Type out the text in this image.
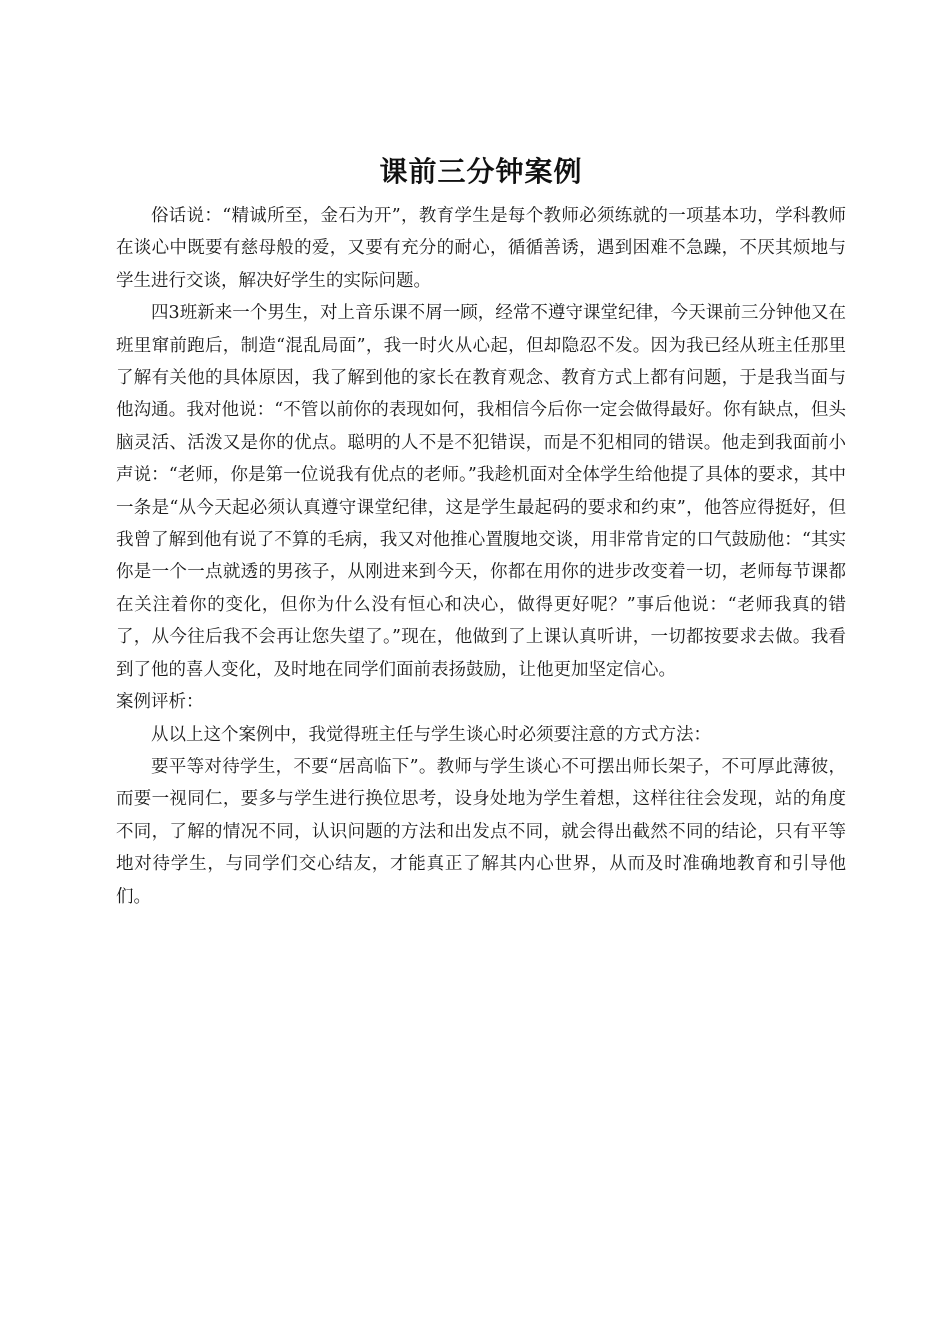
课前三分钟案例

俗话说：“精诚所至，金石为开”，教育学生是每个教师必须练就的一项基本功，学科教师在谈心中既要有慈母般的爱，又要有充分的耐心，循循善诱，遇到困难不急躁，不厌其烦地与学生进行交谈，解决好学生的实际问题。

四3班新来一个男生，对上音乐课不屑一顾，经常不遵守课堂纪律，今天课前三分钟他又在班里窜前跑后，制造“混乱局面”，我一时火从心起，但却隐忍不发。因为我已经从班主任那里了解有关他的具体原因，我了解到他的家长在教育观念、教育方式上都有问题，于是我当面与他沟通。我对他说：“不管以前你的表现如何，我相信今后你一定会做得最好。你有缺点，但头脑灵活、活泼又是你的优点。聪明的人不是不犯错误，而是不犯相同的错误。他走到我面前小声说：“老师，你是第一位说我有优点的老师。”我趁机面对全体学生给他提了具体的要求，其中一条是“从今天起必须认真遵守课堂纪律，这是学生最起码的要求和约束”，他答应得挺好，但我曾了解到他有说了不算的毛病，我又对他推心置腹地交谈，用非常肯定的口气鼓励他：“其实你是一个一点就透的男孩子，从刚进来到今天，你都在用你的进步改变着一切，老师每节课都在关注着你的变化，但你为什么没有恒心和决心，做得更好呢？”事后他说：“老师我真的错了，从今往后我不会再让您失望了。”现在，他做到了上课认真听讲，一切都按要求去做。我看到了他的喜人变化，及时地在同学们面前表扬鼓励，让他更加坚定信心。

案例评析：

从以上这个案例中，我觉得班主任与学生谈心时必须要注意的方式方法：

要平等对待学生，不要“居高临下”。教师与学生谈心不可摆出师长架子，不可厚此薄彼，而要一视同仁，要多与学生进行换位思考，设身处地为学生着想，这样往往会发现，站的角度不同，了解的情况不同，认识问题的方法和出发点不同，就会得出截然不同的结论，只有平等地对待学生，与同学们交心结友，才能真正了解其内心世界，从而及时准确地教育和引导他们。
